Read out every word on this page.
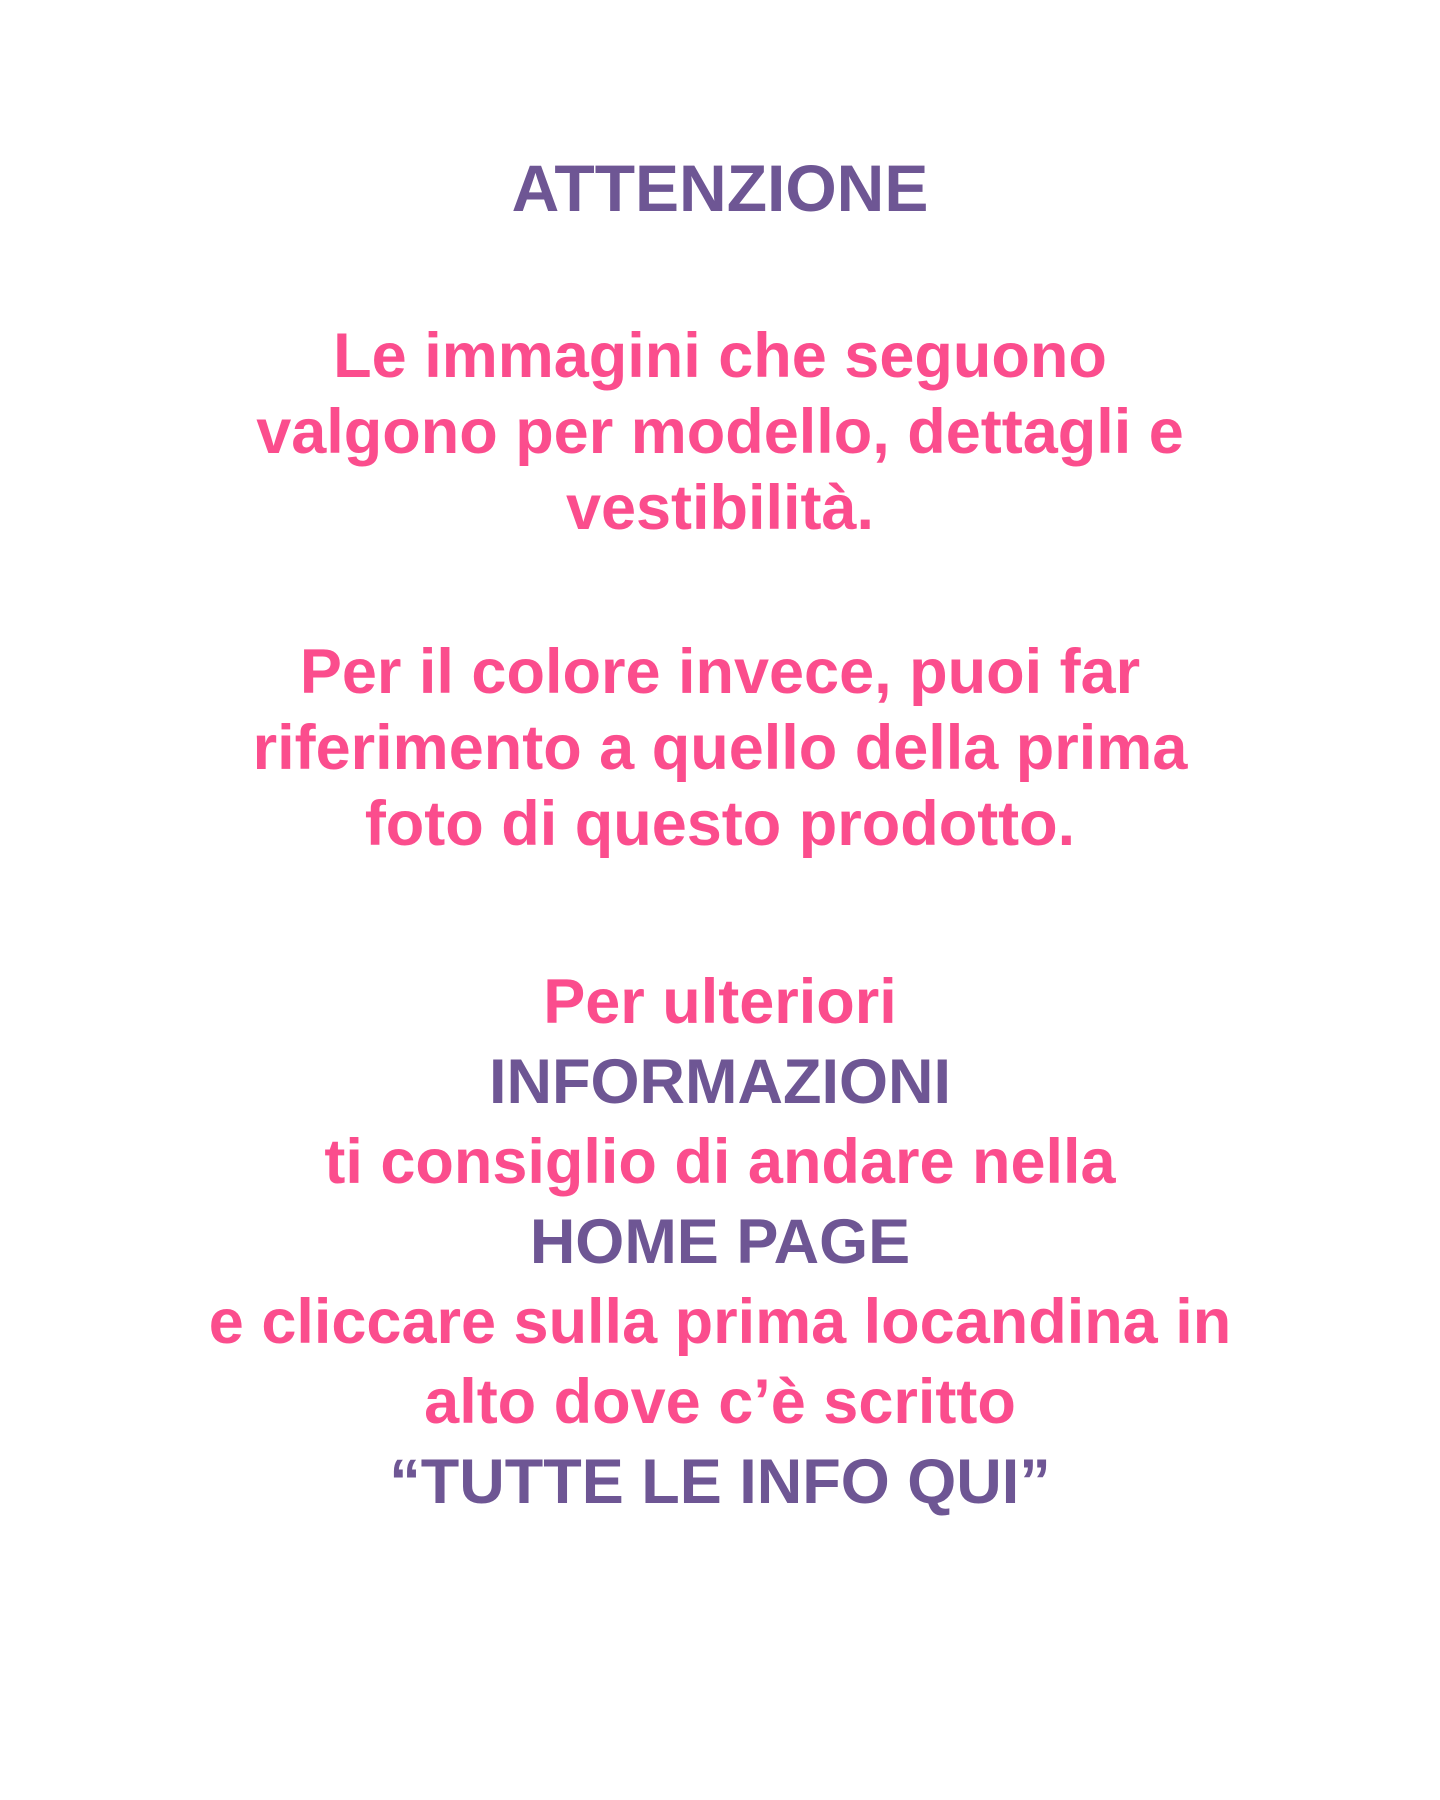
ATTENZIONE

Le immagini che seguono
valgono per modello, dettagli e
vestibilità.

Per il colore invece, puoi far
riferimento a quello della prima
foto di questo prodotto.

Per ulteriori
INFORMAZIONI
ti consiglio di andare nella
HOME PAGE
e cliccare sulla prima locandina in
alto dove c’è scritto
“TUTTE LE INFO QUI”
